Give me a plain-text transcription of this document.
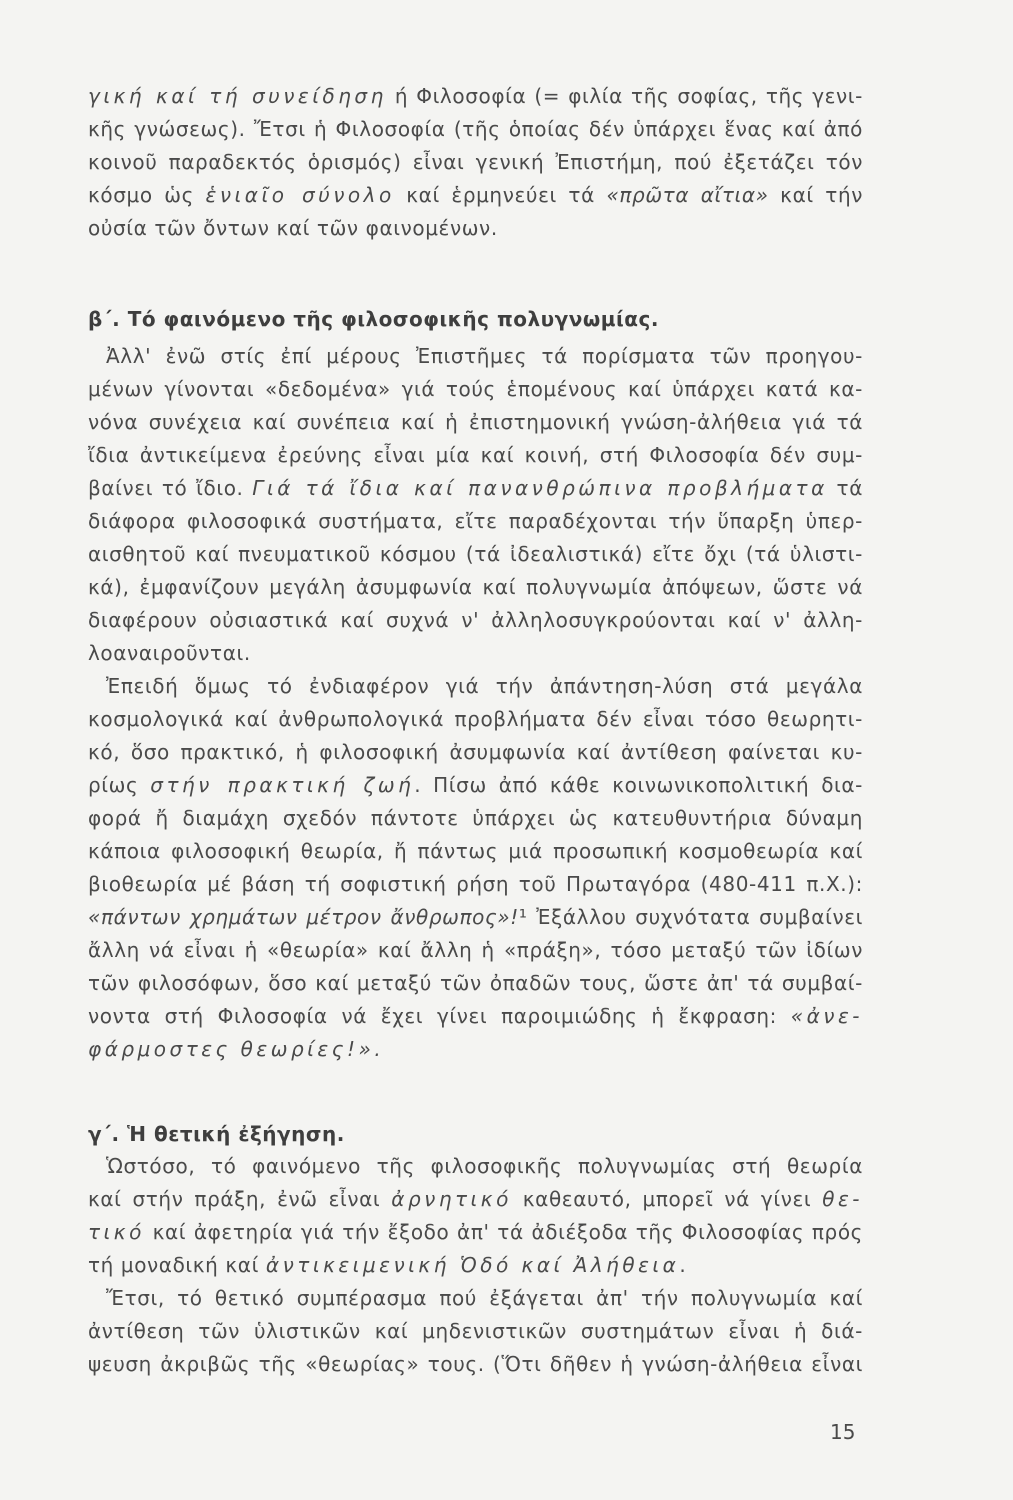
γική καί τή συνείδηση ή Φιλοσοφία (= φιλία τῆς σοφίας, τῆς γενι-
κῆς γνώσεως). Ἔτσι ἡ Φιλοσοφία (τῆς ὁποίας δέν ὑπάρχει ἕνας καί ἀπό
κοινοῦ παραδεκτός ὁρισμός) εἶναι γενική Ἐπιστήμη, πού ἐξετάζει τόν
κόσμο ὡς ἑνιαῖο σύνολο καί ἑρμηνεύει τά «πρῶτα αἴτια» καί τήν
οὐσία τῶν ὄντων καί τῶν φαινομένων.
β΄. Τό φαινόμενο τῆς φιλοσοφικῆς πολυγνωμίας.
Ἀλλ' ἐνῶ στίς ἐπί μέρους Ἐπιστῆμες τά πορίσματα τῶν προηγου-
μένων γίνονται «δεδομένα» γιά τούς ἑπομένους καί ὑπάρχει κατά κα-
νόνα συνέχεια καί συνέπεια καί ἡ ἐπιστημονική γνώση-ἀλήθεια γιά τά
ἴδια ἀντικείμενα ἐρεύνης εἶναι μία καί κοινή, στή Φιλοσοφία δέν συμ-
βαίνει τό ἴδιο. Γιά τά ἴδια καί πανανθρώπινα προβλήματα τά
διάφορα φιλοσοφικά συστήματα, εἴτε παραδέχονται τήν ὕπαρξη ὑπερ-
αισθητοῦ καί πνευματικοῦ κόσμου (τά ἰδεαλιστικά) εἴτε ὄχι (τά ὑλιστι-
κά), ἐμφανίζουν μεγάλη ἀσυμφωνία καί πολυγνωμία ἀπόψεων, ὥστε νά
διαφέρουν οὐσιαστικά καί συχνά ν' ἀλληλοσυγκρούονται καί ν' ἀλλη-
λοαναιροῦνται.
Ἐπειδή ὅμως τό ἐνδιαφέρον γιά τήν ἀπάντηση-λύση στά μεγάλα
κοσμολογικά καί ἀνθρωπολογικά προβλήματα δέν εἶναι τόσο θεωρητι-
κό, ὅσο πρακτικό, ἡ φιλοσοφική ἀσυμφωνία καί ἀντίθεση φαίνεται κυ-
ρίως στήν πρακτική ζωή. Πίσω ἀπό κάθε κοινωνικοπολιτική δια-
φορά ἤ διαμάχη σχεδόν πάντοτε ὑπάρχει ὡς κατευθυντήρια δύναμη
κάποια φιλοσοφική θεωρία, ἤ πάντως μιά προσωπική κοσμοθεωρία καί
βιοθεωρία μέ βάση τή σοφιστική ρήση τοῦ Πρωταγόρα (480-411 π.Χ.):
«πάντων χρημάτων μέτρον ἄνθρωπος»!¹ Ἐξάλλου συχνότατα συμβαίνει
ἄλλη νά εἶναι ἡ «θεωρία» καί ἄλλη ἡ «πράξη», τόσο μεταξύ τῶν ἰδίων
τῶν φιλοσόφων, ὅσο καί μεταξύ τῶν ὀπαδῶν τους, ὥστε ἀπ' τά συμβαί-
νοντα στή Φιλοσοφία νά ἔχει γίνει παροιμιώδης ἡ ἔκφραση: «ἀνε-
φάρμοστες θεωρίες!».
γ΄. Ἡ θετική ἐξήγηση.
Ὡστόσο, τό φαινόμενο τῆς φιλοσοφικῆς πολυγνωμίας στή θεωρία
καί στήν πράξη, ἐνῶ εἶναι ἀρνητικό καθεαυτό, μπορεῖ νά γίνει θε-
τικό καί ἀφετηρία γιά τήν ἔξοδο ἀπ' τά ἀδιέξοδα τῆς Φιλοσοφίας πρός
τή μοναδική καί ἀντικειμενική Ὁδό καί Ἀλήθεια.
Ἔτσι, τό θετικό συμπέρασμα πού ἐξάγεται ἀπ' τήν πολυγνωμία καί
ἀντίθεση τῶν ὑλιστικῶν καί μηδενιστικῶν συστημάτων εἶναι ἡ διά-
ψευση ἀκριβῶς τῆς «θεωρίας» τους. (Ὅτι δῆθεν ἡ γνώση-ἀλήθεια εἶναι
15
